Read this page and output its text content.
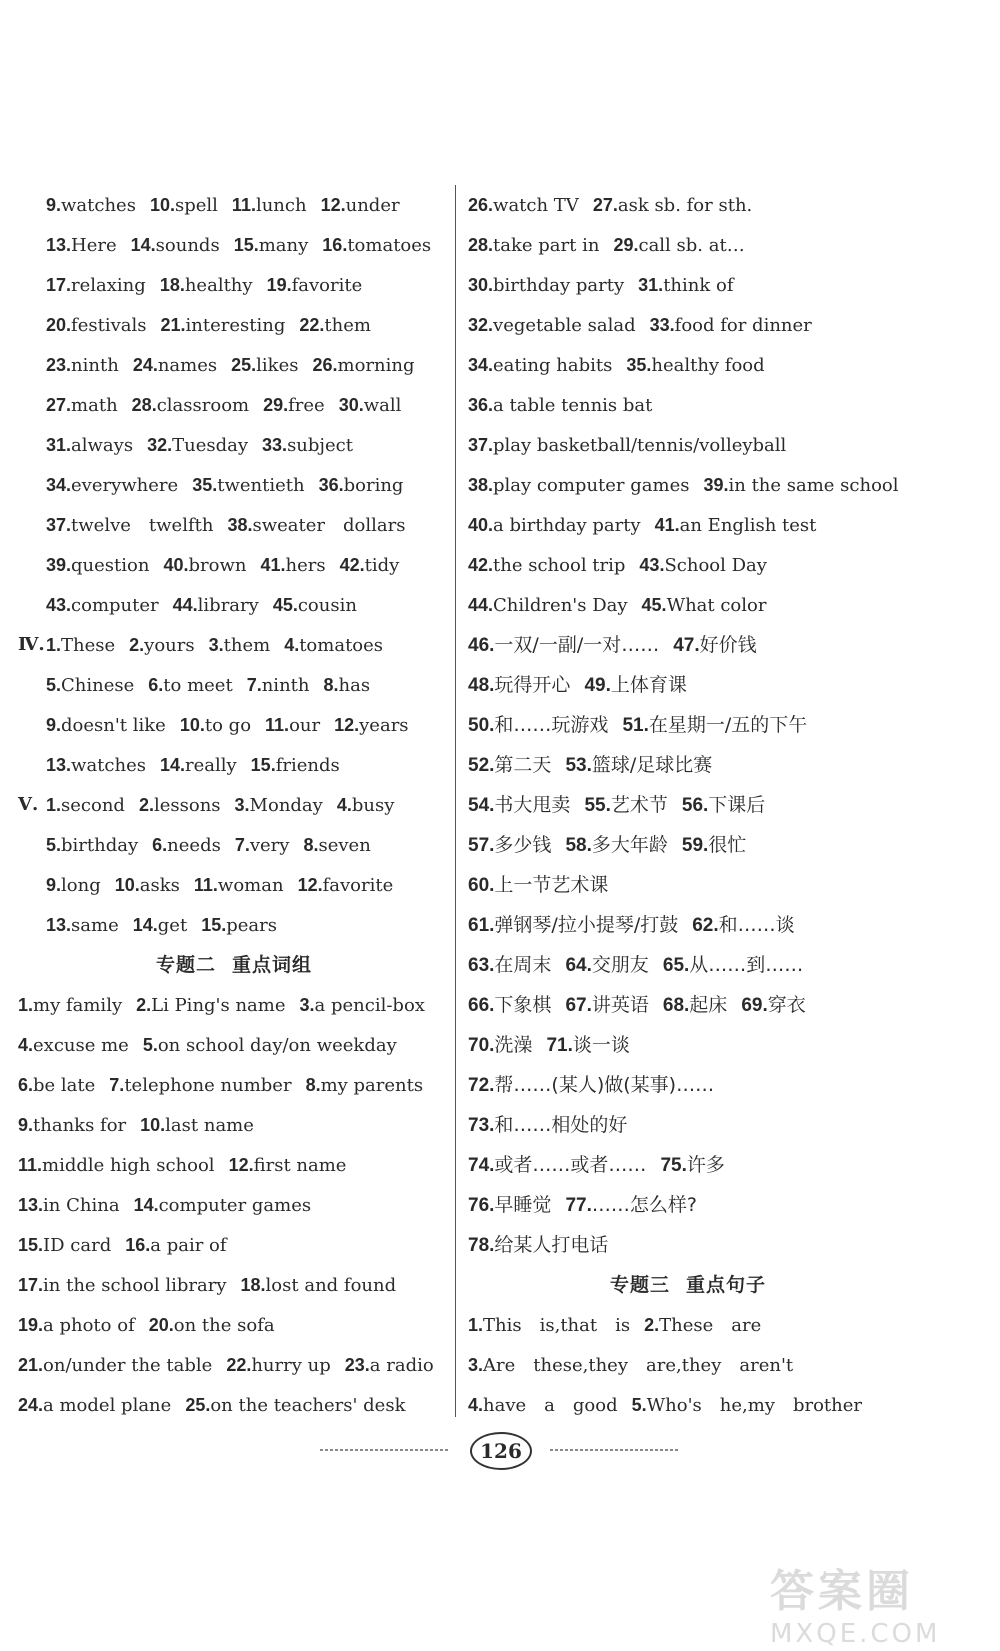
9.watches 10.spell 11.lunch 12.under
13.Here 14.sounds 15.many 16.tomatoes
17.relaxing 18.healthy 19.favorite
20.festivals 21.interesting 22.them
23.ninth 24.names 25.likes 26.morning
27.math 28.classroom 29.free 30.wall
31.always 32.Tuesday 33.subject
34.everywhere 35.twentieth 36.boring
37.twelve　twelfth 38.sweater　dollars
39.question 40.brown 41.hers 42.tidy
43.computer 44.library 45.cousin
Ⅳ. 1.These 2.yours 3.them 4.tomatoes
5.Chinese 6.to meet 7.ninth 8.has
9.doesn't like 10.to go 11.our 12.years
13.watches 14.really 15.friends
Ⅴ. 1.second 2.lessons 3.Monday 4.busy
5.birthday 6.needs 7.very 8.seven
9.long 10.asks 11.woman 12.favorite
13.same 14.get 15.pears
专题二 重点词组
1.my family 2.Li Ping's name 3.a pencil-box
4.excuse me 5.on school day/on weekday
6.be late 7.telephone number 8.my parents
9.thanks for 10.last name
11.middle high school 12.first name
13.in China 14.computer games
15.ID card 16.a pair of
17.in the school library 18.lost and found
19.a photo of 20.on the sofa
21.on/under the table 22.hurry up 23.a radio
24.a model plane 25.on the teachers' desk
26.watch TV 27.ask sb. for sth.
28.take part in 29.call sb. at…
30.birthday party 31.think of
32.vegetable salad 33.food for dinner
34.eating habits 35.healthy food
36.a table tennis bat
37.play basketball/tennis/volleyball
38.play computer games 39.in the same school
40.a birthday party 41.an English test
42.the school trip 43.School Day
44.Children's Day 45.What color
46.一双/一副/一对…… 47.好价钱
48.玩得开心 49.上体育课
50.和……玩游戏 51.在星期一/五的下午
52.第二天 53.篮球/足球比赛
54.书大甩卖 55.艺术节 56.下课后
57.多少钱 58.多大年龄 59.很忙
60.上一节艺术课
61.弹钢琴/拉小提琴/打鼓 62.和……谈
63.在周末 64.交朋友 65.从……到……
66.下象棋 67.讲英语 68.起床 69.穿衣
70.洗澡 71.谈一谈
72.帮……(某人)做(某事)……
73.和……相处的好
74.或者……或者…… 75.许多
76.早睡觉 77.……怎么样?
78.给某人打电话
专题三 重点句子
1.This　is,that　is 2.These　are
3.Are　these,they　are,they　aren't
4.have　a　good 5.Who's　he,my　brother
126
答案圈
MXQE.COM
